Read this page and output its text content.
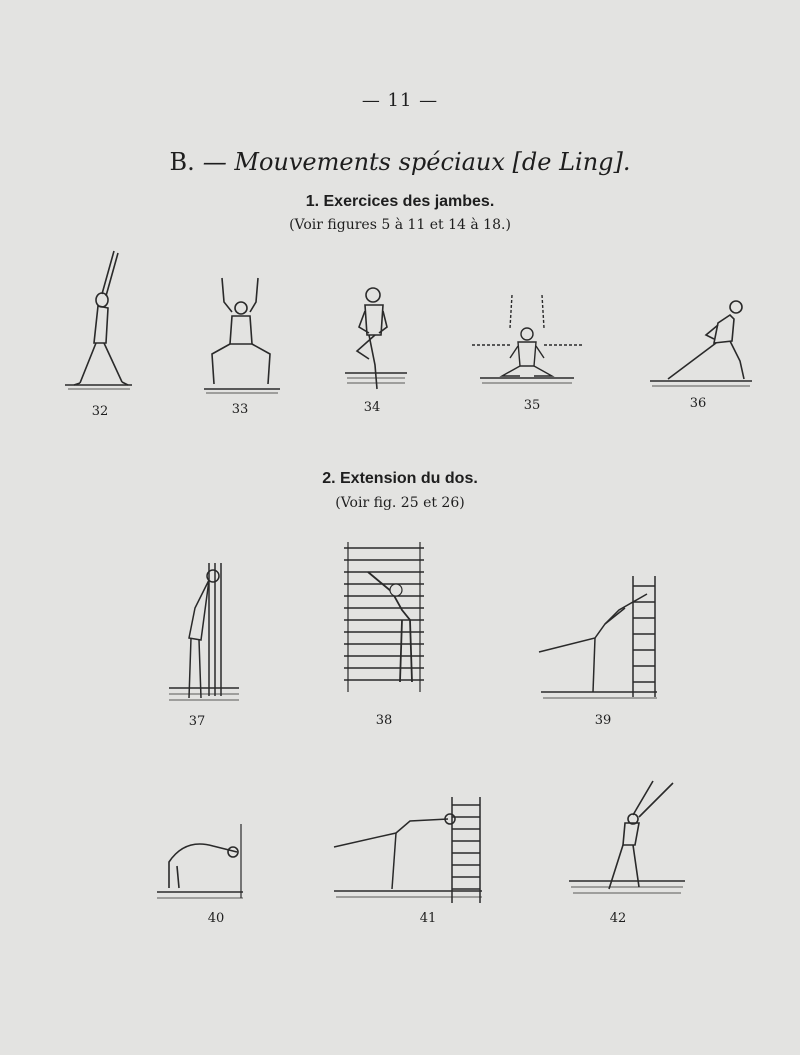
— 11 —
B. — Mouvements spéciaux [de Ling].
1. Exercices des jambes.
(Voir figures 5 à 11 et 14 à 18.)
2. Extension du dos.
(Voir fig. 25 et 26)
32	33	34	35	36
37	38	39
40	41	42
